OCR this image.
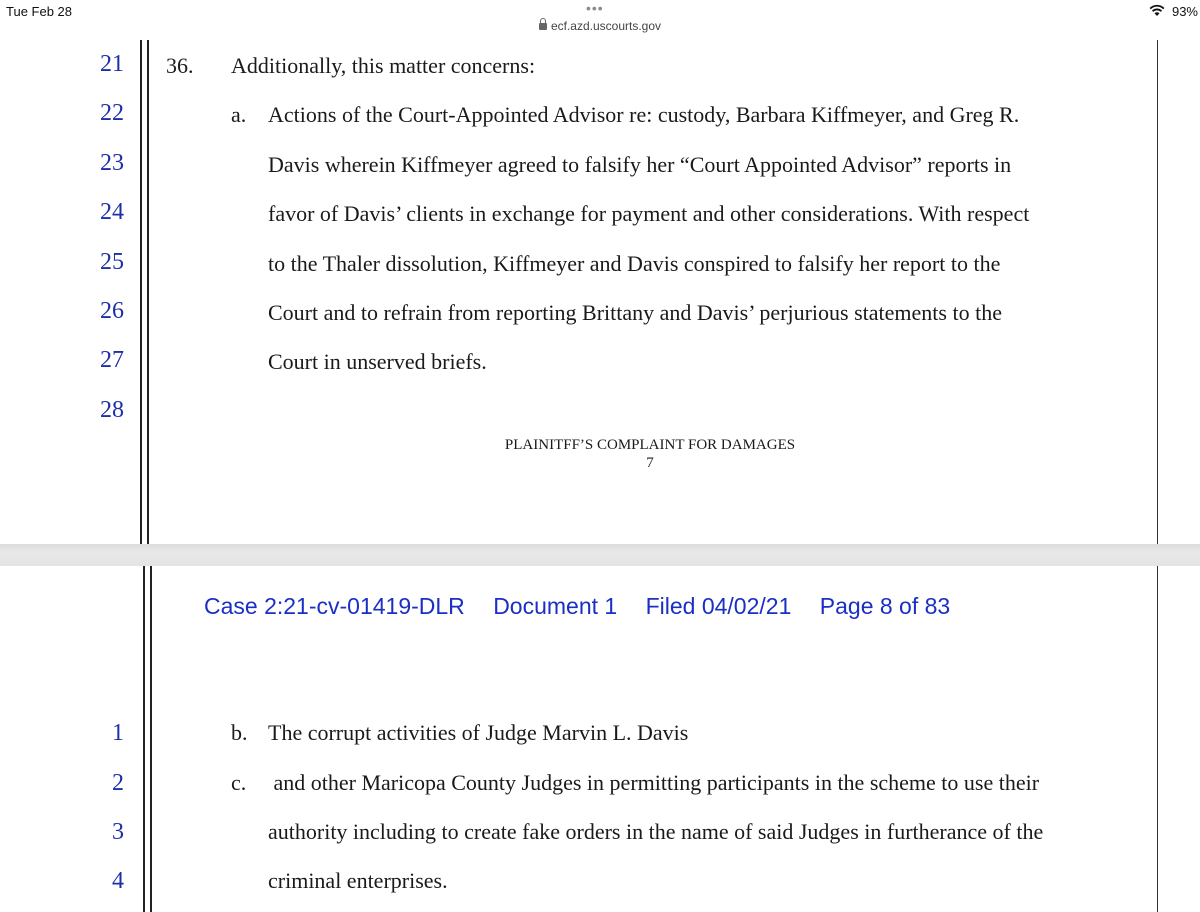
Tue Feb 28	•••
ecf.azd.uscourts.gov
93%
21
22
23
24
25
26
27
28
36. Additionally, this matter concerns:
a. Actions of the Court-Appointed Advisor re: custody, Barbara Kiffmeyer, and Greg R.
Davis wherein Kiffmeyer agreed to falsify her “Court Appointed Advisor” reports in
favor of Davis’ clients in exchange for payment and other considerations. With respect
to the Thaler dissolution, Kiffmeyer and Davis conspired to falsify her report to the
Court and to refrain from reporting Brittany and Davis’ perjurious statements to the
Court in unserved briefs.
PLAINITFF’S COMPLAINT FOR DAMAGES
7
Case 2:21-cv-01419-DLR Document 1 Filed 04/02/21 Page 8 of 83
1
2
3
4
b. The corrupt activities of Judge Marvin L. Davis
c. and other Maricopa County Judges in permitting participants in the scheme to use their
authority including to create fake orders in the name of said Judges in furtherance of the
criminal enterprises.
